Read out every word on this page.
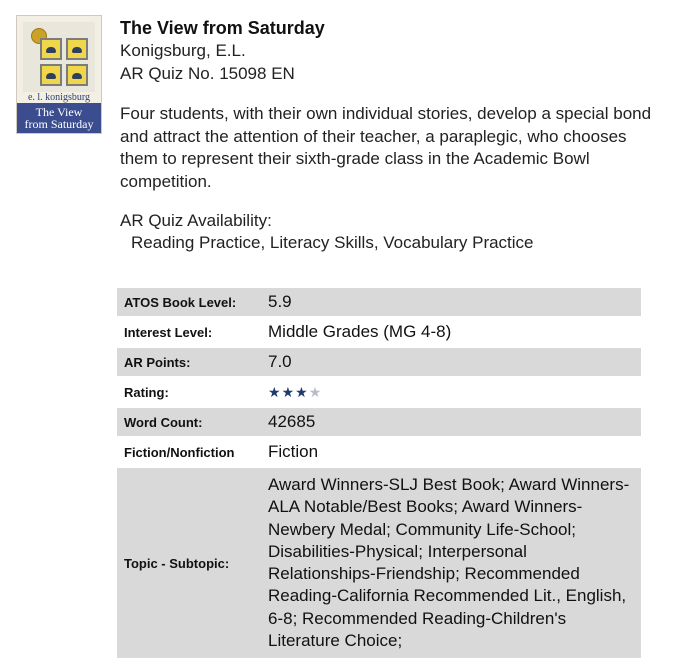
e. l. konigsburg
The View
from Saturday
The View from Saturday
Konigsburg, E.L.
AR Quiz No. 15098 EN
Four students, with their own individual stories, develop a special bond and attract the attention of their teacher, a paraplegic, who chooses them to represent their sixth-grade class in the Academic Bowl competition.
AR Quiz Availability:
Reading Practice, Literacy Skills, Vocabulary Practice
ATOS Book Level:	5.9
Interest Level:	Middle Grades (MG 4-8)
AR Points:	7.0
Rating:	★ ★ ★ ★
Word Count:	42685
Fiction/Nonfiction	Fiction
Topic - Subtopic:
Award Winners-SLJ Best Book; Award Winners-ALA Notable/Best Books; Award Winners-Newbery Medal; Community Life-School; Disabilities-Physical; Interpersonal Relationships-Friendship; Recommended Reading-California Recommended Lit., English, 6-8; Recommended Reading-Children's Literature Choice;
